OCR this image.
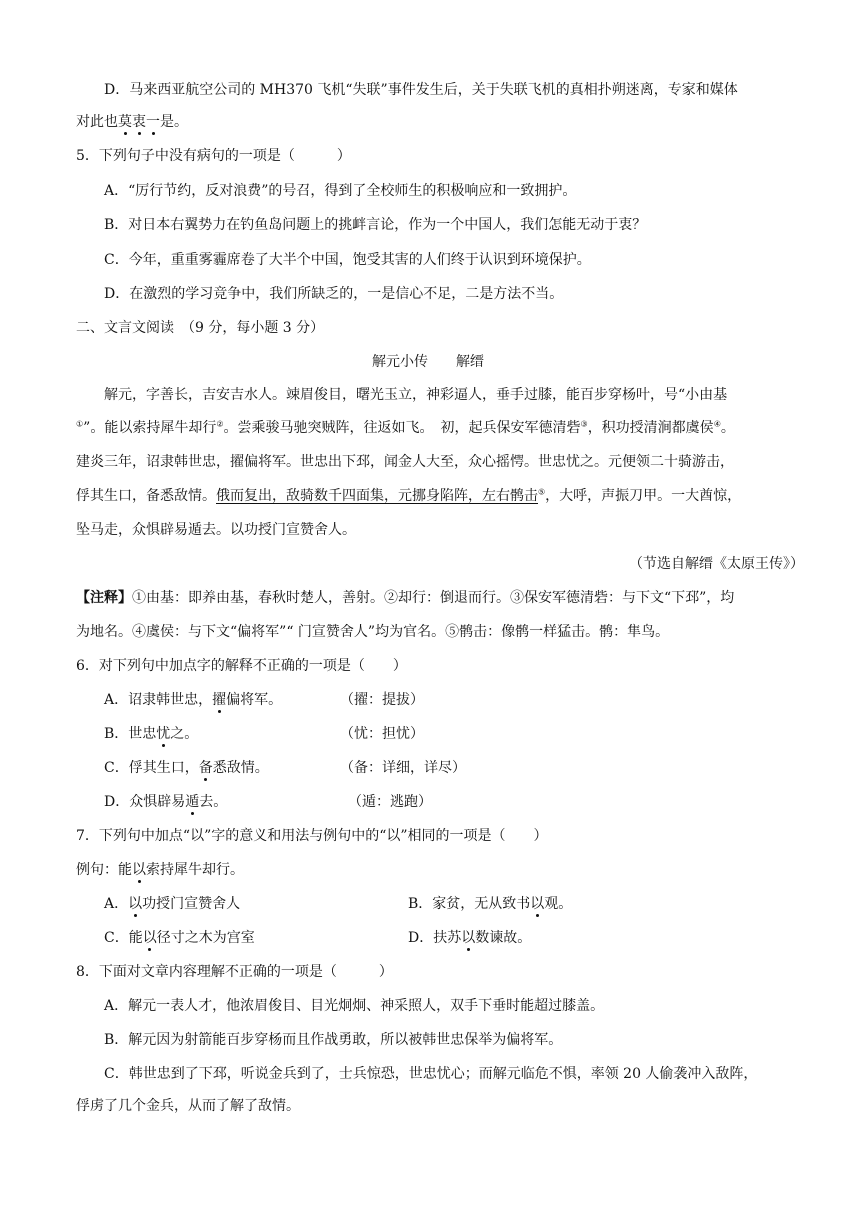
D．马来西亚航空公司的 MH370 飞机“失联”事件发生后，关于失联飞机的真相扑朔迷离，专家和媒体
对此也莫衷一是。
5．下列句子中没有病句的一项是（　　　）
A．“厉行节约，反对浪费”的号召，得到了全校师生的积极响应和一致拥护。
B．对日本右翼势力在钓鱼岛问题上的挑衅言论，作为一个中国人，我们怎能无动于衷？
C．今年，重重雾霾席卷了大半个中国，饱受其害的人们终于认识到环境保护。
D．在激烈的学习竞争中，我们所缺乏的，一是信心不足，二是方法不当。
二、文言文阅读　（9 分，每小题 3 分）
解元小传　　解缙
解元，字善长，吉安吉水人。竦眉俊目，曙光玉立，神彩逼人，垂手过膝，能百步穿杨叶，号“小由基
①”。能以索持犀牛却行②。尝乘骏马驰突贼阵，往返如飞。　初，起兵保安军德清砦③，积功授清涧都虞侯④。
建炎三年，诏隶韩世忠，擢偏将军。世忠出下邳，闻金人大至，众心摇愕。世忠忧之。元便领二十骑游击，
俘其生口，备悉敌情。俄而复出，敌骑数千四面集，元挪身陷阵，左右鹘击⑤，大呼，声振刀甲。一大酋惊，
坠马走，众惧辟易遁去。以功授门宣赞舍人。
（节选自解缙《太原王传》）
【注释】①由基：即养由基，春秋时楚人，善射。②却行：倒退而行。③保安军德清砦：与下文“下邳”，均
为地名。④虞侯：与下文“偏将军”“ 门宣赞舍人”均为官名。⑤鹘击：像鹘一样猛击。鹘：隼鸟。
6．对下列句中加点字的解释不正确的一项是（　　）
A．诏隶韩世忠，擢偏将军。	（擢：提拔）
B．世忠忧之。	（忧：担忧）
C．俘其生口，备悉敌情。	（备：详细，详尽）
D．众惧辟易遁去。	（遁：逃跑）
7．下列句中加点“以”字的意义和用法与例句中的“以”相同的一项是（　　）
例句：能以索持犀牛却行。
A．以功授门宣赞舍人	B．家贫，无从致书以观。
C．能以径寸之木为宫室	D．扶苏以数谏故。
8．下面对文章内容理解不正确的一项是（　　　）
A．解元一表人才，他浓眉俊目、目光炯炯、神采照人，双手下垂时能超过膝盖。
B．解元因为射箭能百步穿杨而且作战勇敢，所以被韩世忠保举为偏将军。
C．韩世忠到了下邳，听说金兵到了，士兵惊恐，世忠忧心；而解元临危不惧，率领 20 人偷袭冲入敌阵，
俘虏了几个金兵，从而了解了敌情。
